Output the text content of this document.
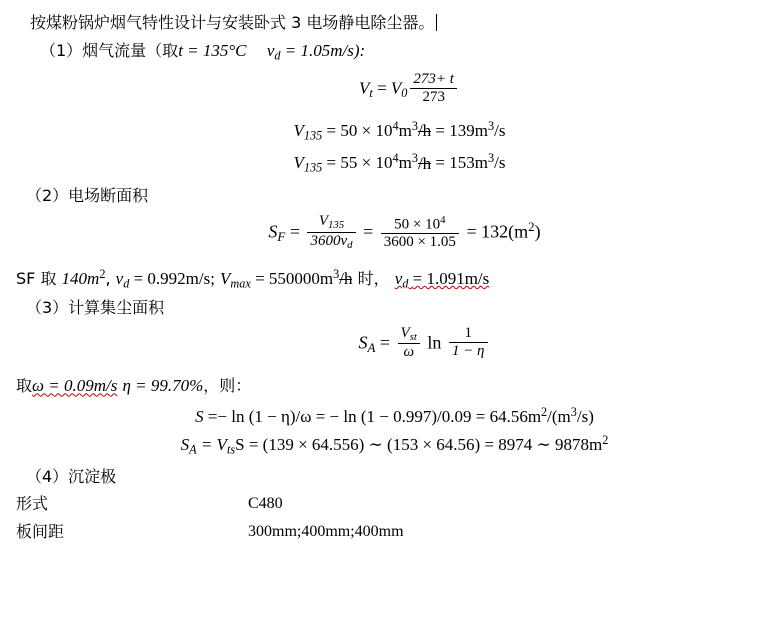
按煤粉锅炉烟气特性设计与安装卧式 3 电场静电除尘器。
（1）烟气流量（取t = 135°C $v_d = 1.05m/s$):
$V_t = V_0 \frac{273+ t}{273}$
$V_{135} = 50 \times 10^4m^3/h = 139m^3/s$
$V_{135} = 55 \times 10^4m^3/h = 153m^3/s$
（2）电场断面积
$S_F = \frac{V_{135}}{3600v_d} = \frac{50 \times 10^4}{3600 \times 1.05} = 132(m^2)$
SF 取 $140m^2$, $v_d = 0.992m/s$; $V_{max} = 550000m^3/h$ 时， $v_d = 1.091m/s$
（3）计算集尘面积
$S_A = \frac{V_{st}}{\omega}$ $\ln \frac{1}{1 - \eta}$
取ω = 0.09m/s η = 99.70%，则：
S =− ln (1 − η)/ω = − $\ln (1 - 0.997)/0.09 = 64.56m^2/(m^3/s)$
$S_A = V_{ts}S = (139 \times 64.556)$ ∼ (153 × 64.56) = 8974 ∼ $9878m^2$
（4）沉淀极
形式	C480
板间距	300mm;400mm;400mm
